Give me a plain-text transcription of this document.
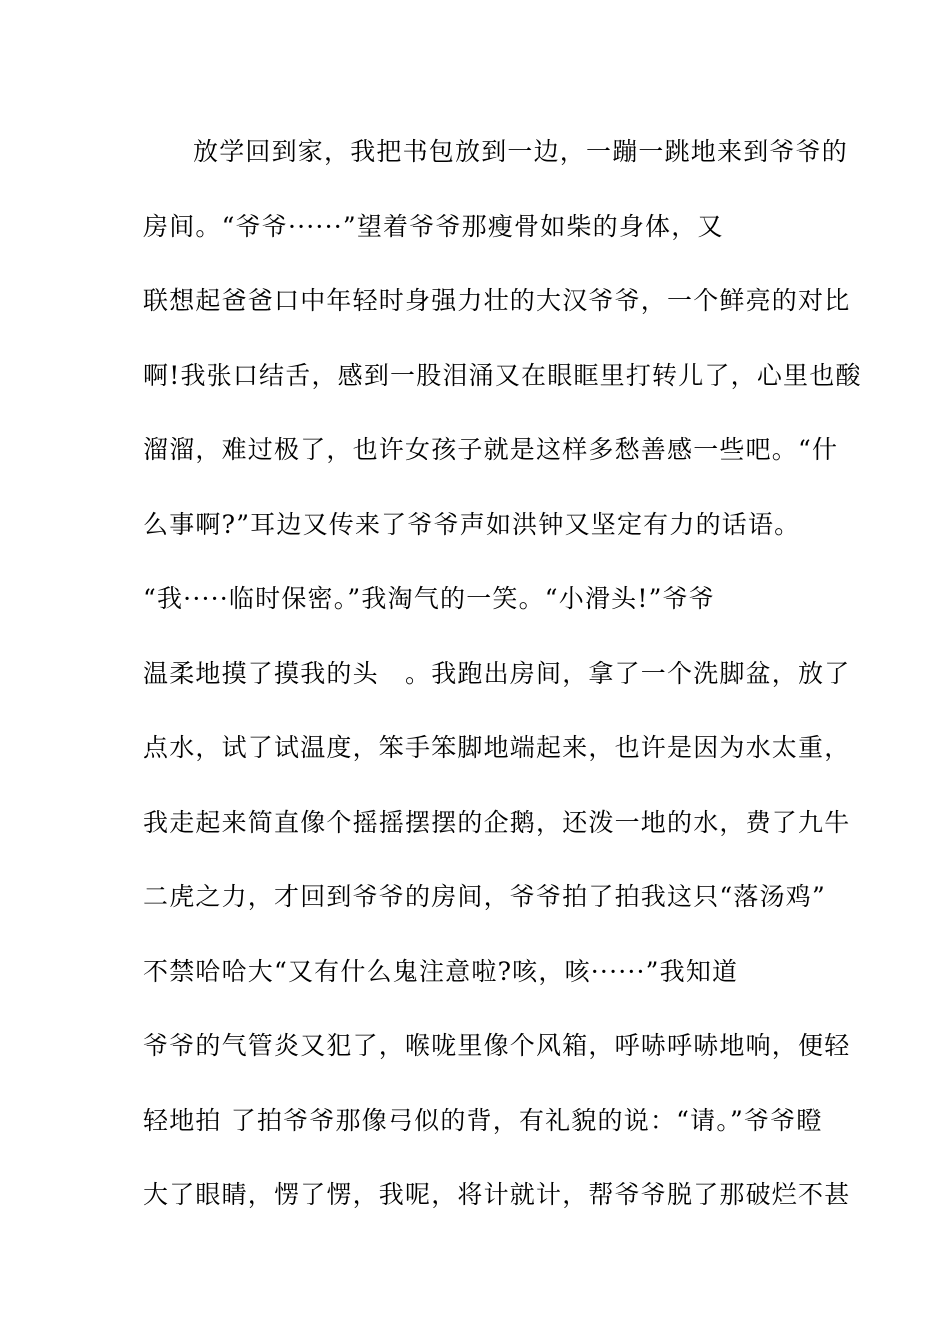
放学回到家，我把书包放到一边，一蹦一跳地来到爷爷的
房间。“爷爷······”望着爷爷那瘦骨如柴的身体，又
联想起爸爸口中年轻时身强力壮的大汉爷爷，一个鲜亮的对比
啊!我张口结舌，感到一股泪涌又在眼眶里打转儿了，心里也酸
溜溜，难过极了，也许女孩子就是这样多愁善感一些吧。“什
么事啊?”耳边又传来了爷爷声如洪钟又坚定有力的话语。
“我·····临时保密。”我淘气的一笑。“小滑头!”爷爷
温柔地摸了摸我的头　。我跑出房间，拿了一个洗脚盆，放了
点水，试了试温度，笨手笨脚地端起来，也许是因为水太重，
我走起来简直像个摇摇摆摆的企鹅，还泼一地的水，费了九牛
二虎之力，才回到爷爷的房间，爷爷拍了拍我这只“落汤鸡”
不禁哈哈大“又有什么鬼注意啦?咳，咳······”我知道
爷爷的气管炎又犯了，喉咙里像个风箱，呼哧呼哧地响，便轻
轻地拍 了拍爷爷那像弓似的背，有礼貌的说：“请。”爷爷瞪
大了眼睛，愣了愣，我呢，将计就计，帮爷爷脱了那破烂不甚
